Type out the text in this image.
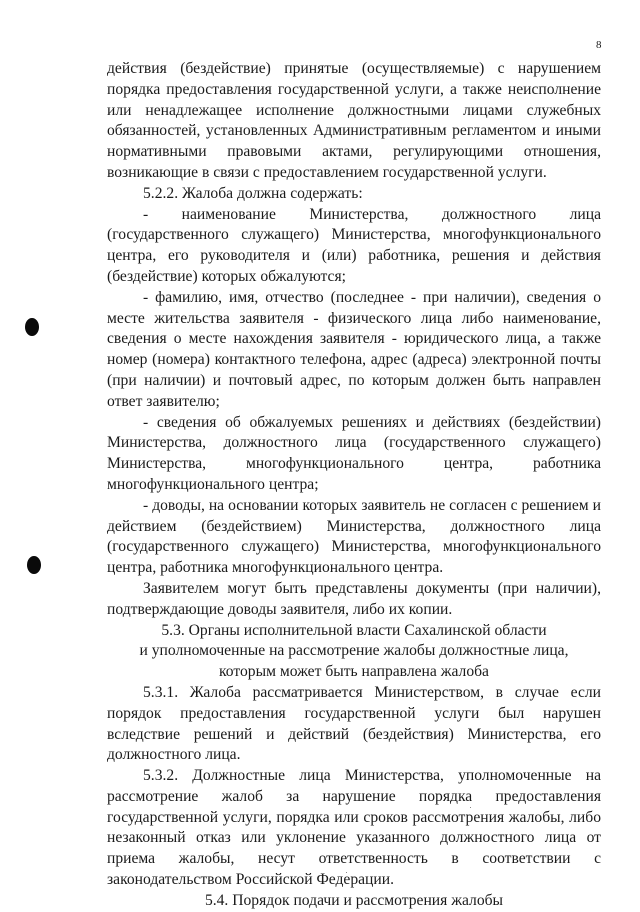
8

действия (бездействие) принятые (осуществляемые) с нарушением порядка предоставления государственной услуги, а также неисполнение или ненадлежащее исполнение должностными лицами служебных обязанностей, установленных Административным регламентом и иными нормативными правовыми актами, регулирующими отношения, возникающие в связи с предоставлением государственной услуги.

5.2.2. Жалоба должна содержать:

- наименование Министерства, должностного лица (государственного служащего) Министерства, многофункционального центра, его руководителя и (или) работника, решения и действия (бездействие) которых обжалуются;

- фамилию, имя, отчество (последнее - при наличии), сведения о месте жительства заявителя - физического лица либо наименование, сведения о месте нахождения заявителя - юридического лица, а также номер (номера) контактного телефона, адрес (адреса) электронной почты (при наличии) и почтовый адрес, по которым должен быть направлен ответ заявителю;

- сведения об обжалуемых решениях и действиях (бездействии) Министерства, должностного лица (государственного служащего) Министерства, многофункционального центра, работника многофункционального центра;

- доводы, на основании которых заявитель не согласен с решением и действием (бездействием) Министерства, должностного лица (государственного служащего) Министерства, многофункционального центра, работника многофункционального центра.

Заявителем могут быть представлены документы (при наличии), подтверждающие доводы заявителя, либо их копии.

5.3. Органы исполнительной власти Сахалинской области

и уполномоченные на рассмотрение жалобы должностные лица,

которым может быть направлена жалоба

5.3.1. Жалоба рассматривается Министерством, в случае если порядок предоставления государственной услуги был нарушен вследствие решений и действий (бездействия) Министерства, его должностного лица.

5.3.2. Должностные лица Министерства, уполномоченные на рассмотрение жалоб за нарушение порядка предоставления государственной услуги, порядка или сроков рассмотрения жалобы, либо незаконный отказ или уклонение указанного должностного лица от приема жалобы, несут ответственность в соответствии с законодательством Российской Федерации.

5.4. Порядок подачи и рассмотрения жалобы
